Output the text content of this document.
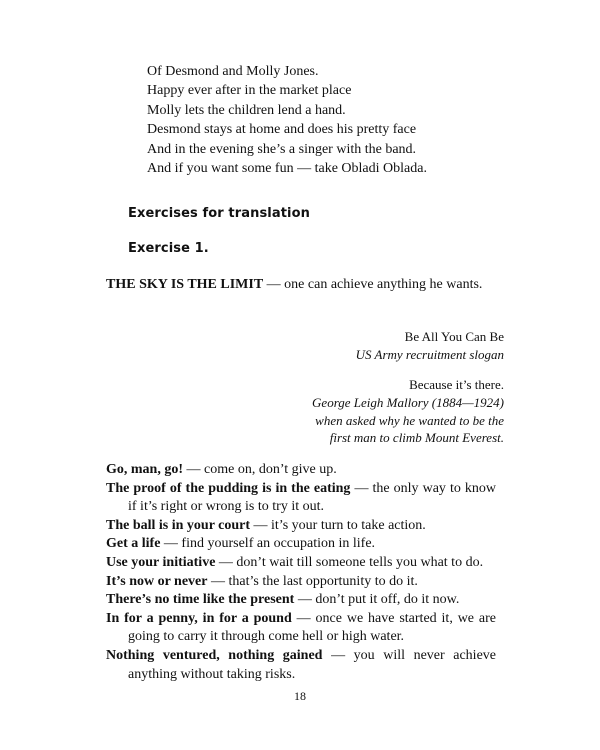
Of Desmond and Molly Jones.
Happy ever after in the market place
Molly lets the children lend a hand.
Desmond stays at home and does his pretty face
And in the evening she’s a singer with the band.
And if you want some fun — take Obladi Oblada.
Exercises for translation
Exercise 1.
THE SKY IS THE LIMIT — one can achieve anything he wants.
Be All You Can Be
US Army recruitment slogan
Because it’s there.
George Leigh Mallory (1884—1924)
when asked why he wanted to be the
first man to climb Mount Everest.
Go, man, go! — come on, don’t give up.
The proof of the pudding is in the eating — the only way to know if it’s right or wrong is to try it out.
The ball is in your court — it’s your turn to take action.
Get a life — find yourself an occupation in life.
Use your initiative — don’t wait till someone tells you what to do.
It’s now or never — that’s the last opportunity to do it.
There’s no time like the present — don’t put it off, do it now.
In for a penny, in for a pound — once we have started it, we are going to carry it through come hell or high water.
Nothing ventured, nothing gained — you will never achieve anything without taking risks.
18
